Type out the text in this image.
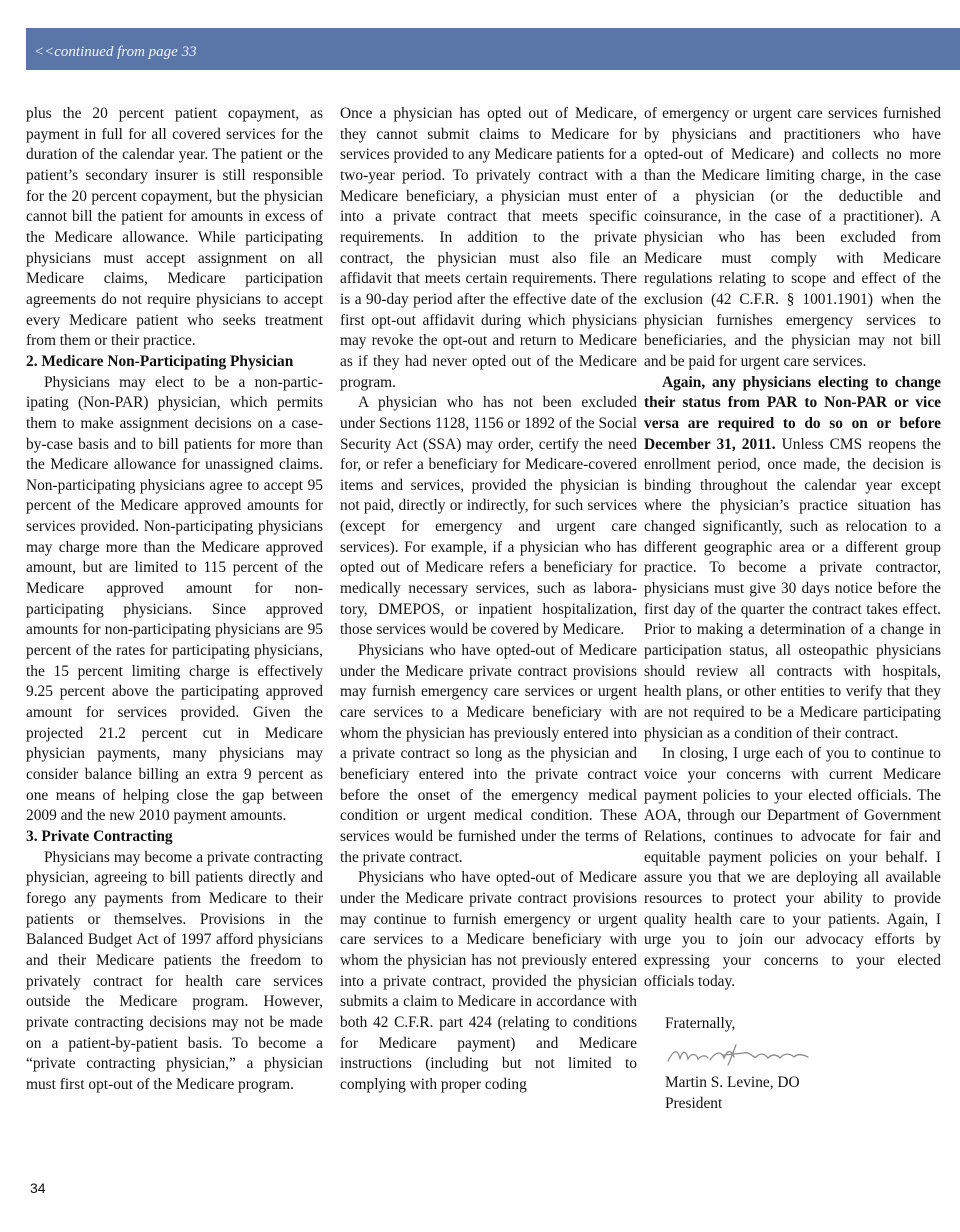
<<continued from page 33

plus the 20 percent patient copayment, as payment in full for all covered services for the duration of the calendar year. The patient or the patient’s secondary insurer is still responsible for the 20 percent copayment, but the physician cannot bill the patient for amounts in excess of the Medicare allowance. While participating physicians must accept assignment on all Medicare claims, Medicare participation agreements do not require physicians to accept every Medicare patient who seeks treatment from them or their practice.

2. Medicare Non-Participating Physician

Physicians may elect to be a non-participating (Non-PAR) physician, which permits them to make assignment decisions on a case-by-case basis and to bill patients for more than the Medicare allowance for unassigned claims. Non-participating physicians agree to accept 95 percent of the Medicare approved amounts for services provided. Non-participating physicians may charge more than the Medicare approved amount, but are limited to 115 percent of the Medicare approved amount for non-participating physicians. Since approved amounts for non-participating physicians are 95 percent of the rates for participating physicians, the 15 percent limiting charge is effectively 9.25 percent above the participating approved amount for services provided. Given the projected 21.2 percent cut in Medicare physician payments, many physicians may consider balance billing an extra 9 percent as one means of helping close the gap between 2009 and the new 2010 payment amounts.

3. Private Contracting

Physicians may become a private contracting physician, agreeing to bill patients directly and forego any payments from Medicare to their patients or themselves. Provisions in the Balanced Budget Act of 1997 afford physicians and their Medicare patients the freedom to privately contract for health care services outside the Medicare program. However, private contracting decisions may not be made on a patient-by-patient basis. To become a “private contracting physician,” a physician must first opt-out of the Medicare program.

Once a physician has opted out of Medicare, they cannot submit claims to Medicare for services provided to any Medicare patients for a two-year period. To privately contract with a Medicare beneficiary, a physician must enter into a private contract that meets specific requirements. In addition to the private contract, the physician must also file an affidavit that meets certain requirements. There is a 90-day period after the effective date of the first opt-out affidavit during which physicians may revoke the opt-out and return to Medicare as if they had never opted out of the Medicare program.

A physician who has not been excluded under Sections 1128, 1156 or 1892 of the Social Security Act (SSA) may order, certify the need for, or refer a beneficiary for Medicare-covered items and services, provided the physician is not paid, directly or indirectly, for such services (except for emergency and urgent care services). For example, if a physician who has opted out of Medicare refers a beneficiary for medically necessary services, such as laboratory, DMEPOS, or inpatient hospitalization, those services would be covered by Medicare.

Physicians who have opted-out of Medicare under the Medicare private contract provisions may furnish emergency care services or urgent care services to a Medicare beneficiary with whom the physician has previously entered into a private contract so long as the physician and beneficiary entered into the private contract before the onset of the emergency medical condition or urgent medical condition. These services would be furnished under the terms of the private contract.

Physicians who have opted-out of Medicare under the Medicare private contract provisions may continue to furnish emergency or urgent care services to a Medicare beneficiary with whom the physician has not previously entered into a private contract, provided the physician submits a claim to Medicare in accordance with both 42 C.F.R. part 424 (relating to conditions for Medicare payment) and Medicare instructions (including but not limited to complying with proper coding

of emergency or urgent care services furnished by physicians and practitioners who have opted-out of Medicare) and collects no more than the Medicare limiting charge, in the case of a physician (or the deductible and coinsurance, in the case of a practitioner). A physician who has been excluded from Medicare must comply with Medicare regulations relating to scope and effect of the exclusion (42 C.F.R. § 1001.1901) when the physician furnishes emergency services to beneficiaries, and the physician may not bill and be paid for urgent care services.

Again, any physicians electing to change their status from PAR to Non-PAR or vice versa are required to do so on or before December 31, 2011. Unless CMS reopens the enrollment period, once made, the decision is binding throughout the calendar year except where the physician’s practice situation has changed significantly, such as relocation to a different geographic area or a different group practice. To become a private contractor, physicians must give 30 days notice before the first day of the quarter the contract takes effect. Prior to making a determination of a change in participation status, all osteopathic physicians should review all contracts with hospitals, health plans, or other entities to verify that they are not required to be a Medicare participating physician as a condition of their contract.

In closing, I urge each of you to continue to voice your concerns with current Medicare payment policies to your elected officials. The AOA, through our Department of Government Relations, continues to advocate for fair and equitable payment policies on your behalf. I assure you that we are deploying all available resources to protect your ability to provide quality health care to your patients. Again, I urge you to join our advocacy efforts by expressing your concerns to your elected officials today.

Fraternally,

Martin S. Levine, DO

President

34
